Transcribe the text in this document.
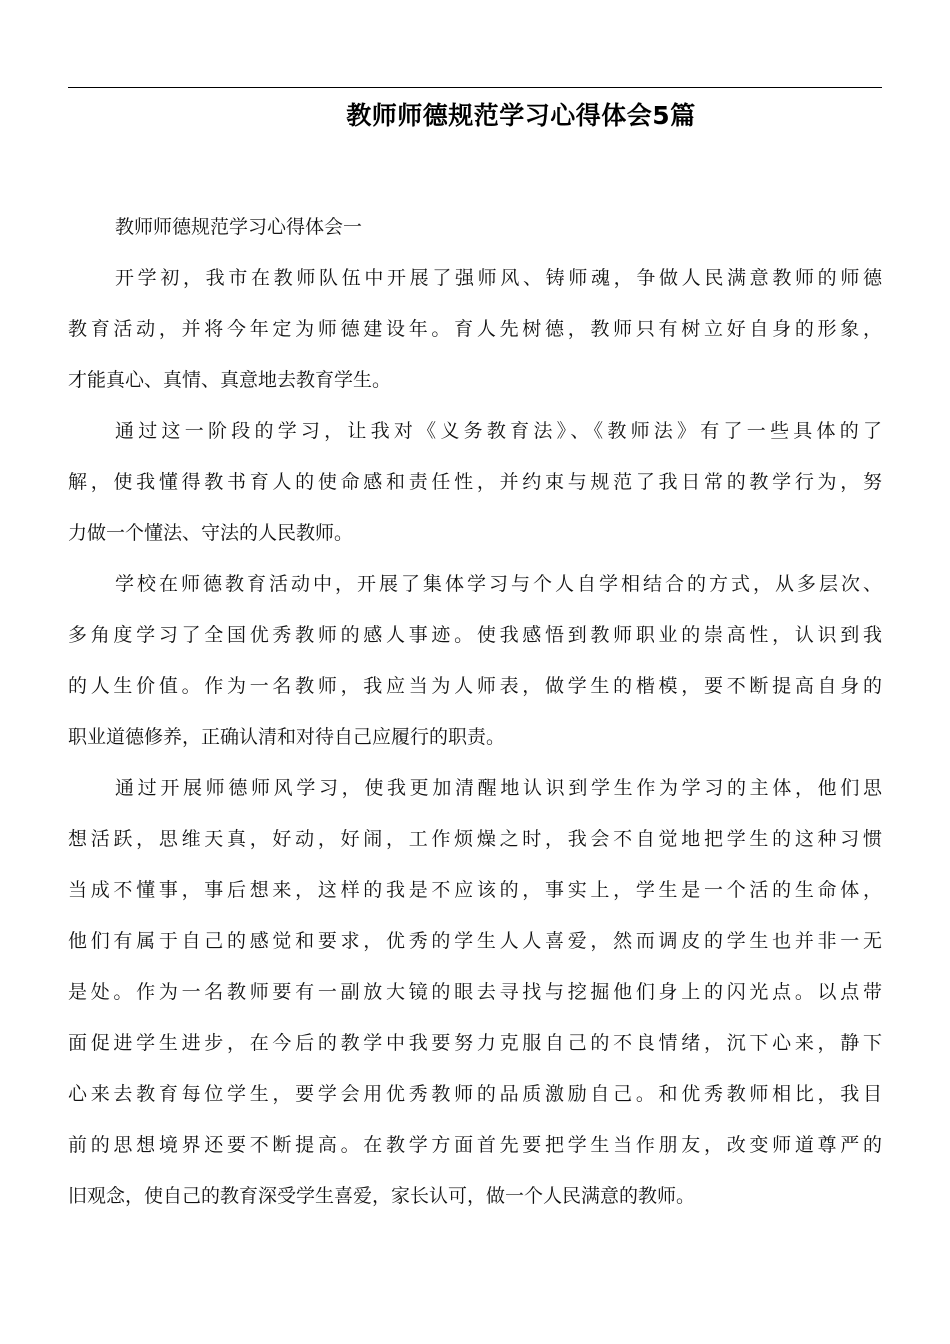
教师师德规范学习心得体会5篇
教师师德规范学习心得体会一
开学初，我市在教师队伍中开展了强师风、铸师魂，争做人民满意教师的师德
教育活动，并将今年定为师德建设年。育人先树德，教师只有树立好自身的形象，
才能真心、真情、真意地去教育学生。
通过这一阶段的学习，让我对《义务教育法》、《教师法》有了一些具体的了
解，使我懂得教书育人的使命感和责任性，并约束与规范了我日常的教学行为，努
力做一个懂法、守法的人民教师。
学校在师德教育活动中，开展了集体学习与个人自学相结合的方式，从多层次、
多角度学习了全国优秀教师的感人事迹。使我感悟到教师职业的崇高性，认识到我
的人生价值。作为一名教师，我应当为人师表，做学生的楷模，要不断提高自身的
职业道德修养，正确认清和对待自己应履行的职责。
通过开展师德师风学习，使我更加清醒地认识到学生作为学习的主体，他们思
想活跃，思维天真，好动，好闹，工作烦燥之时，我会不自觉地把学生的这种习惯
当成不懂事，事后想来，这样的我是不应该的，事实上，学生是一个活的生命体，
他们有属于自己的感觉和要求，优秀的学生人人喜爱，然而调皮的学生也并非一无
是处。作为一名教师要有一副放大镜的眼去寻找与挖掘他们身上的闪光点。以点带
面促进学生进步，在今后的教学中我要努力克服自己的不良情绪，沉下心来，静下
心来去教育每位学生，要学会用优秀教师的品质激励自己。和优秀教师相比，我目
前的思想境界还要不断提高。在教学方面首先要把学生当作朋友，改变师道尊严的
旧观念，使自己的教育深受学生喜爱，家长认可，做一个人民满意的教师。
